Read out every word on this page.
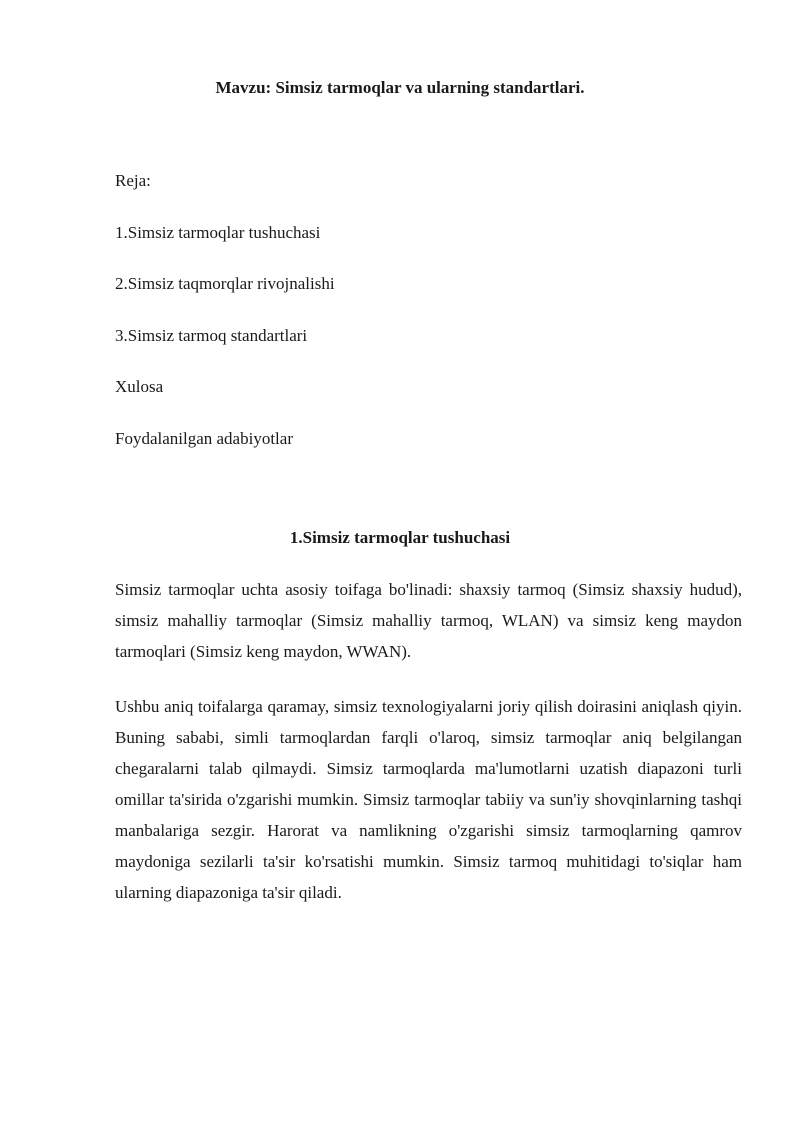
Mavzu: Simsiz tarmoqlar va ularning standartlari.
Reja:
1.Simsiz tarmoqlar tushuchasi
2.Simsiz taqmorqlar rivojnalishi
3.Simsiz tarmoq standartlari
Xulosa
Foydalanilgan adabiyotlar
1.Simsiz tarmoqlar tushuchasi
Simsiz tarmoqlar uchta asosiy toifaga bo'linadi: shaxsiy tarmoq (Simsiz shaxsiy hudud), simsiz mahalliy tarmoqlar (Simsiz mahalliy tarmoq, WLAN) va simsiz keng maydon tarmoqlari (Simsiz keng maydon, WWAN).
Ushbu aniq toifalarga qaramay, simsiz texnologiyalarni joriy qilish doirasini aniqlash qiyin. Buning sababi, simli tarmoqlardan farqli o'laroq, simsiz tarmoqlar aniq belgilangan chegaralarni talab qilmaydi. Simsiz tarmoqlarda ma'lumotlarni uzatish diapazoni turli omillar ta'sirida o'zgarishi mumkin. Simsiz tarmoqlar tabiiy va sun'iy shovqinlarning tashqi manbalariga sezgir. Harorat va namlikning o'zgarishi simsiz tarmoqlarning qamrov maydoniga sezilarli ta'sir ko'rsatishi mumkin. Simsiz tarmoq muhitidagi to'siqlar ham ularning diapazoniga ta'sir qiladi.
